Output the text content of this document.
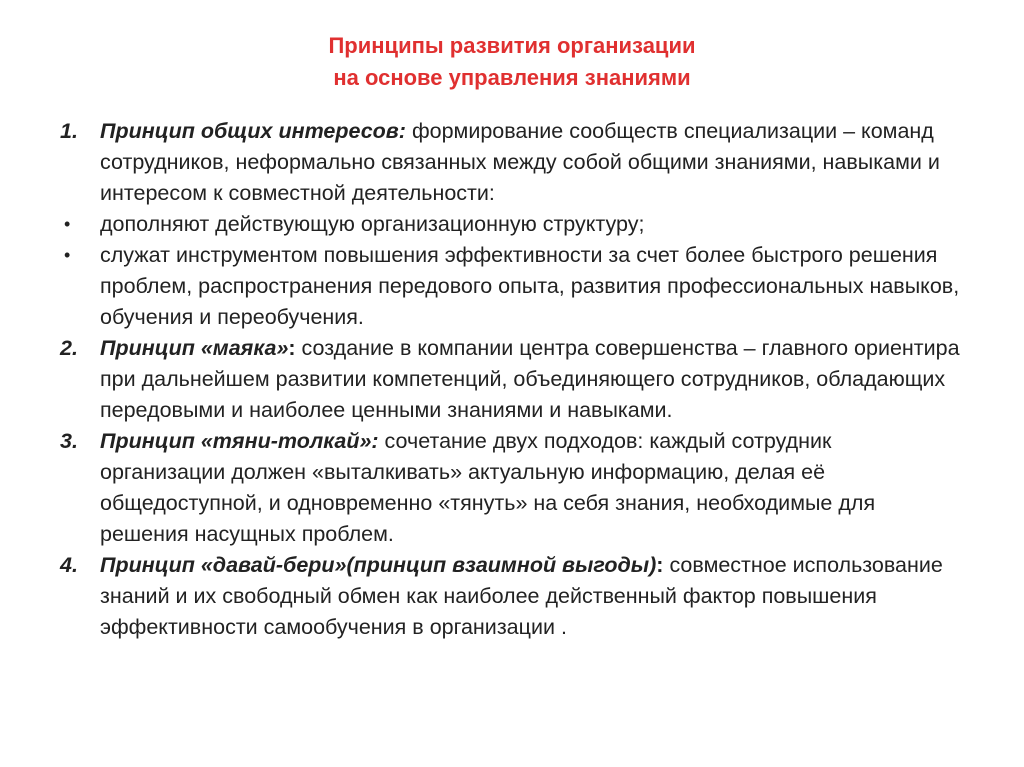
Принципы развития организации
на основе управления знаниями

1.	Принцип общих интересов: формирование сообществ специализации – команд сотрудников, неформально связанных между собой общими знаниями, навыками и интересом к совместной деятельности:

•	дополняют действующую организационную структуру;

•	служат инструментом повышения эффективности за счет более быстрого решения проблем, распространения передового опыта, развития профессиональных навыков, обучения и переобучения.

2.	Принцип «маяка»: создание в компании центра совершенства – главного ориентира при дальнейшем развитии компетенций, объединяющего сотрудников, обладающих передовыми и наиболее ценными знаниями и навыками.

3.	Принцип «тяни-толкай»: сочетание двух подходов: каждый сотрудник организации должен «выталкивать» актуальную информацию, делая её общедоступной, и одновременно «тянуть» на себя знания, необходимые для решения насущных проблем.

4.	Принцип «давай-бери»(принцип взаимной выгоды): совместное использование знаний и их свободный обмен как наиболее действенный фактор повышения эффективности самообучения в организации .
